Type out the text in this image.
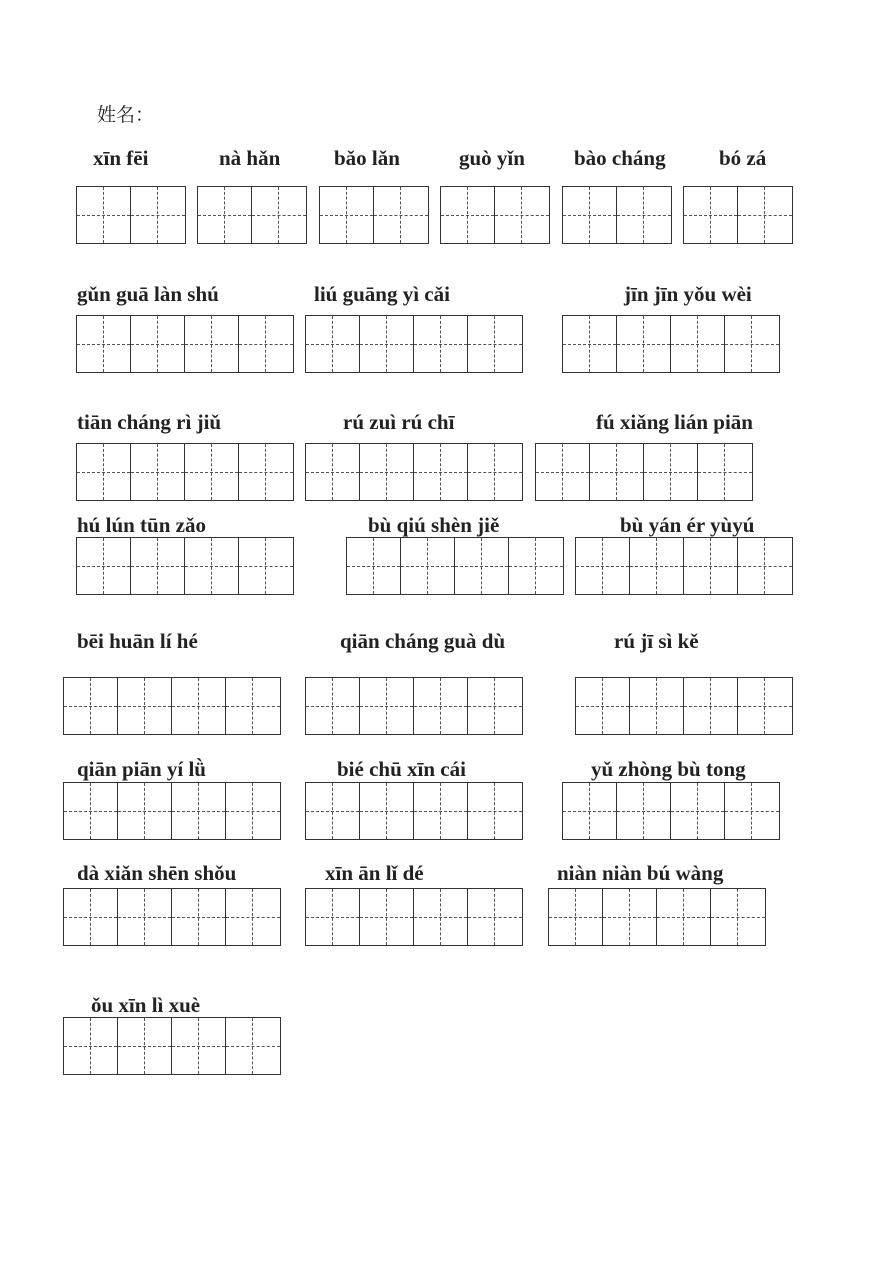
姓名：
xīn fēi	nà hǎn	bǎo lǎn	guò yǐn bào cháng	bó zá
gǔn guā làn shú	liú guāng yì cǎi	jīn jīn yǒu wèi
tiān cháng rì jiǔ	rú zuì rú chī	fú xiǎng lián piān
hú lún tūn zǎo	bù qiú shèn jiě	bù yán ér yùyú
bēi huān lí hé	qiān cháng guà dù	rú jī sì kě
qiān piān yí lǜ	bié chū xīn cái	yǔ zhòng bù tong
dà xiǎn shēn shǒu	xīn ān lǐ dé	niàn niàn bú wàng
ǒu xīn lì xuè
